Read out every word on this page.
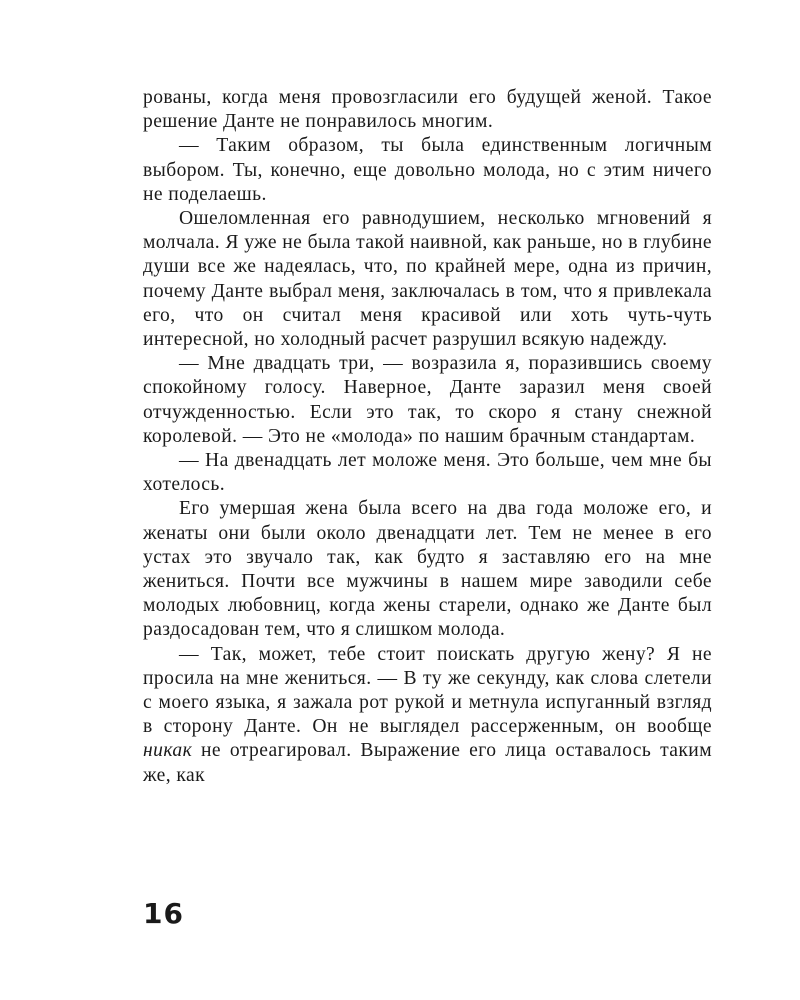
рованы, когда меня провозгласили его будущей женой. Такое решение Данте не понравилось многим.

— Таким образом, ты была единственным логичным выбором. Ты, конечно, еще довольно молода, но с этим ничего не поделаешь.

Ошеломленная его равнодушием, несколько мгновений я молчала. Я уже не была такой наивной, как раньше, но в глубине души все же надеялась, что, по крайней мере, одна из причин, почему Данте выбрал меня, заключалась в том, что я привлекала его, что он считал меня красивой или хоть чуть-чуть интересной, но холодный расчет разрушил всякую надежду.

— Мне двадцать три, — возразила я, поразившись своему спокойному голосу. Наверное, Данте заразил меня своей отчужденностью. Если это так, то скоро я стану снежной королевой. — Это не «молода» по нашим брачным стандартам.

— На двенадцать лет моложе меня. Это больше, чем мне бы хотелось.

Его умершая жена была всего на два года моложе его, и женаты они были около двенадцати лет. Тем не менее в его устах это звучало так, как будто я заставляю его на мне жениться. Почти все мужчины в нашем мире заводили себе молодых любовниц, когда жены старели, однако же Данте был раздосадован тем, что я слишком молода.

— Так, может, тебе стоит поискать другую жену? Я не просила на мне жениться. — В ту же секунду, как слова слетели с моего языка, я зажала рот рукой и метнула испуганный взгляд в сторону Данте. Он не выглядел рассерженным, он вообще никак не отреагировал. Выражение его лица оставалось таким же, как

16
